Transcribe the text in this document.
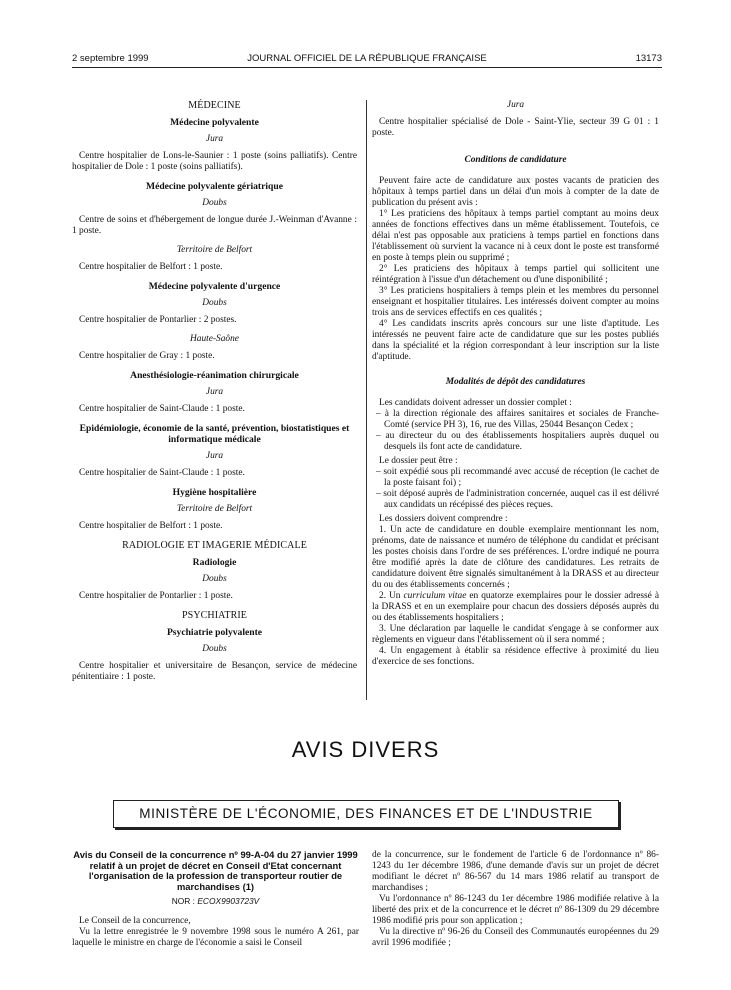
2 septembre 1999	JOURNAL OFFICIEL DE LA RÉPUBLIQUE FRANÇAISE	13173
MÉDECINE
Médecine polyvalente
Jura
Centre hospitalier de Lons-le-Saunier : 1 poste (soins palliatifs). Centre hospitalier de Dole : 1 poste (soins palliatifs).
Médecine polyvalente gériatrique
Doubs
Centre de soins et d'hébergement de longue durée J.-Weinman d'Avanne : 1 poste.
Territoire de Belfort
Centre hospitalier de Belfort : 1 poste.
Médecine polyvalente d'urgence
Doubs
Centre hospitalier de Pontarlier : 2 postes.
Haute-Saône
Centre hospitalier de Gray : 1 poste.
Anesthésiologie-réanimation chirurgicale
Jura
Centre hospitalier de Saint-Claude : 1 poste.
Epidémiologie, économie de la santé, prévention, biostatistiques et informatique médicale
Jura
Centre hospitalier de Saint-Claude : 1 poste.
Hygiène hospitalière
Territoire de Belfort
Centre hospitalier de Belfort : 1 poste.
RADIOLOGIE ET IMAGERIE MÉDICALE
Radiologie
Doubs
Centre hospitalier de Pontarlier : 1 poste.
PSYCHIATRIE
Psychiatrie polyvalente
Doubs
Centre hospitalier et universitaire de Besançon, service de médecine pénitentiaire : 1 poste.
Jura
Centre hospitalier spécialisé de Dole - Saint-Ylie, secteur 39 G 01 : 1 poste.
Conditions de candidature
Peuvent faire acte de candidature aux postes vacants de praticien des hôpitaux à temps partiel dans un délai d'un mois à compter de la date de publication du présent avis :
1° Les praticiens des hôpitaux à temps partiel comptant au moins deux années de fonctions effectives dans un même établissement. Toutefois, ce délai n'est pas opposable aux praticiens à temps partiel en fonctions dans l'établissement où survient la vacance ni à ceux dont le poste est transformé en poste à temps plein ou supprimé ;
2° Les praticiens des hôpitaux à temps partiel qui sollicitent une réintégration à l'issue d'un détachement ou d'une disponibilité ;
3° Les praticiens hospitaliers à temps plein et les membres du personnel enseignant et hospitalier titulaires. Les intéressés doivent compter au moins trois ans de services effectifs en ces qualités ;
4° Les candidats inscrits après concours sur une liste d'aptitude. Les intéressés ne peuvent faire acte de candidature que sur les postes publiés dans la spécialité et la région correspondant à leur inscription sur la liste d'aptitude.
Modalités de dépôt des candidatures
Les candidats doivent adresser un dossier complet :
– à la direction régionale des affaires sanitaires et sociales de Franche-Comté (service PH 3), 16, rue des Villas, 25044 Besançon Cedex ;
– au directeur du ou des établissements hospitaliers auprès duquel ou desquels ils font acte de candidature.
Le dossier peut être :
– soit expédié sous pli recommandé avec accusé de réception (le cachet de la poste faisant foi) ;
– soit déposé auprès de l'administration concernée, auquel cas il est délivré aux candidats un récépissé des pièces reçues.
Les dossiers doivent comprendre :
1. Un acte de candidature en double exemplaire mentionnant les nom, prénoms, date de naissance et numéro de téléphone du candidat et précisant les postes choisis dans l'ordre de ses préférences. L'ordre indiqué ne pourra être modifié après la date de clôture des candidatures. Les retraits de candidature doivent être signalés simultanément à la DRASS et au directeur du ou des établissements concernés ;
2. Un curriculum vitae en quatorze exemplaires pour le dossier adressé à la DRASS et en un exemplaire pour chacun des dossiers déposés auprès du ou des établissements hospitaliers ;
3. Une déclaration par laquelle le candidat s'engage à se conformer aux règlements en vigueur dans l'établissement où il sera nommé ;
4. Un engagement à établir sa résidence effective à proximité du lieu d'exercice de ses fonctions.
AVIS DIVERS
MINISTÈRE DE L'ÉCONOMIE, DES FINANCES ET DE L'INDUSTRIE
Avis du Conseil de la concurrence nº 99-A-04 du 27 janvier 1999 relatif à un projet de décret en Conseil d'Etat concernant l'organisation de la profession de transporteur routier de marchandises (1)
NOR : ECOX9903723V
Le Conseil de la concurrence,
Vu la lettre enregistrée le 9 novembre 1998 sous le numéro A 261, par laquelle le ministre en charge de l'économie a saisi le Conseil
de la concurrence, sur le fondement de l'article 6 de l'ordonnance nº 86-1243 du 1er décembre 1986, d'une demande d'avis sur un projet de décret modifiant le décret nº 86-567 du 14 mars 1986 relatif au transport de marchandises ;
Vu l'ordonnance nº 86-1243 du 1er décembre 1986 modifiée relative à la liberté des prix et de la concurrence et le décret nº 86-1309 du 29 décembre 1986 modifié pris pour son application ;
Vu la directive nº 96-26 du Conseil des Communautés européennes du 29 avril 1996 modifiée ;
